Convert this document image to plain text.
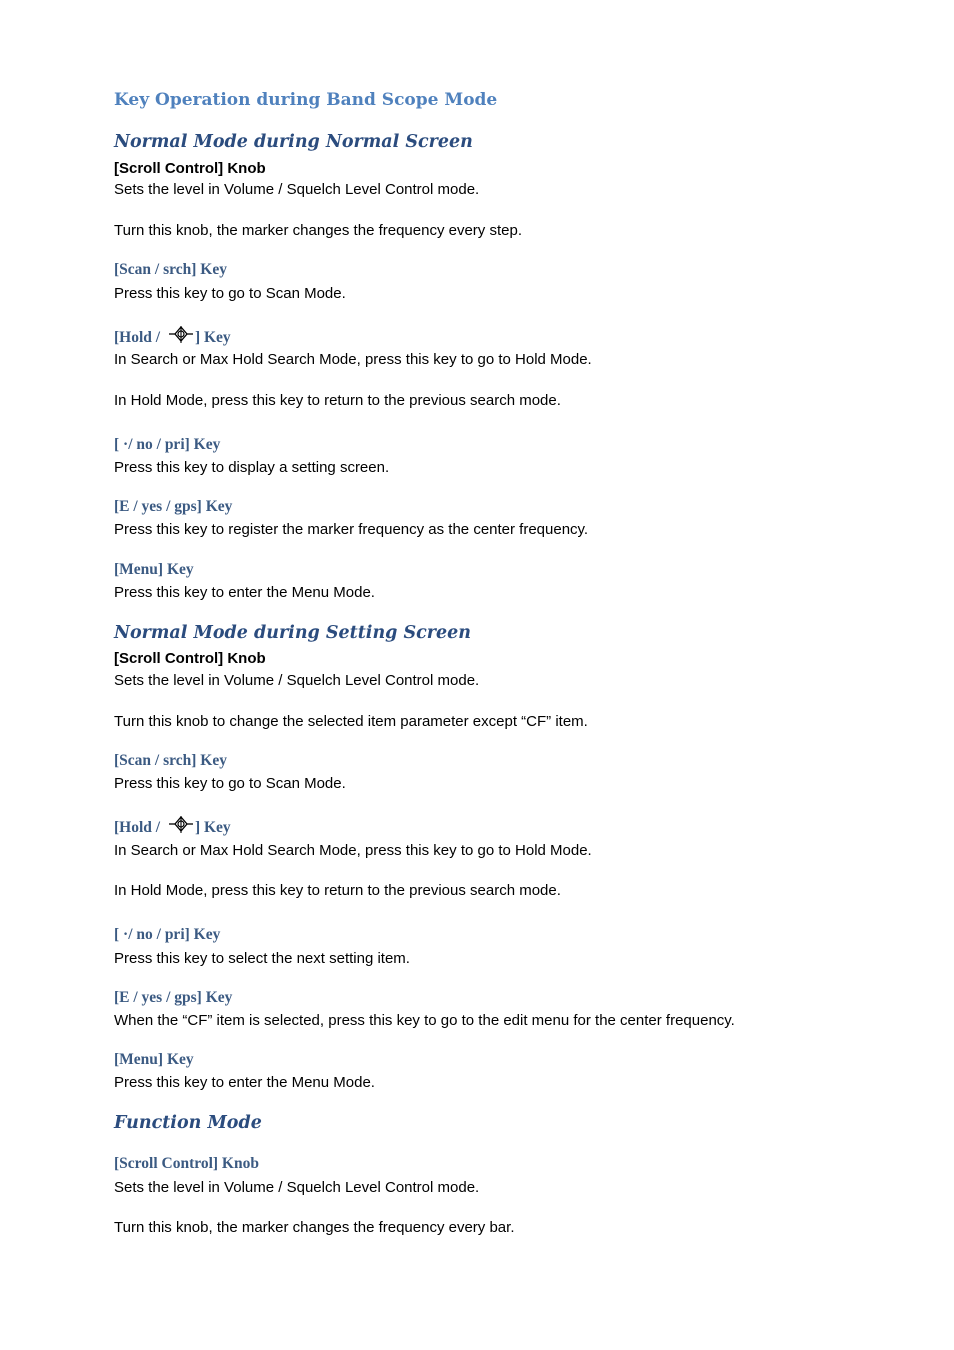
Key Operation during Band Scope Mode
Normal Mode during Normal Screen
[Scroll Control] Knob
Sets the level in Volume / Squelch Level Control mode.
Turn this knob, the marker changes the frequency every step.
[Scan / srch] Key
Press this key to go to Scan Mode.
[Hold / ] Key
In Search or Max Hold Search Mode, press this key to go to Hold Mode.
In Hold Mode, press this key to return to the previous search mode.
[ ·/ no / pri] Key
Press this key to display a setting screen.
[E / yes / gps] Key
Press this key to register the marker frequency as the center frequency.
[Menu] Key
Press this key to enter the Menu Mode.
Normal Mode during Setting Screen
[Scroll Control] Knob
Sets the level in Volume / Squelch Level Control mode.
Turn this knob to change the selected item parameter except “CF” item.
[Scan / srch] Key
Press this key to go to Scan Mode.
[Hold / ] Key
In Search or Max Hold Search Mode, press this key to go to Hold Mode.
In Hold Mode, press this key to return to the previous search mode.
[ ·/ no / pri] Key
Press this key to select the next setting item.
[E / yes / gps] Key
When the “CF” item is selected, press this key to go to the edit menu for the center frequency.
[Menu] Key
Press this key to enter the Menu Mode.
Function Mode
[Scroll Control] Knob
Sets the level in Volume / Squelch Level Control mode.
Turn this knob, the marker changes the frequency every bar.
